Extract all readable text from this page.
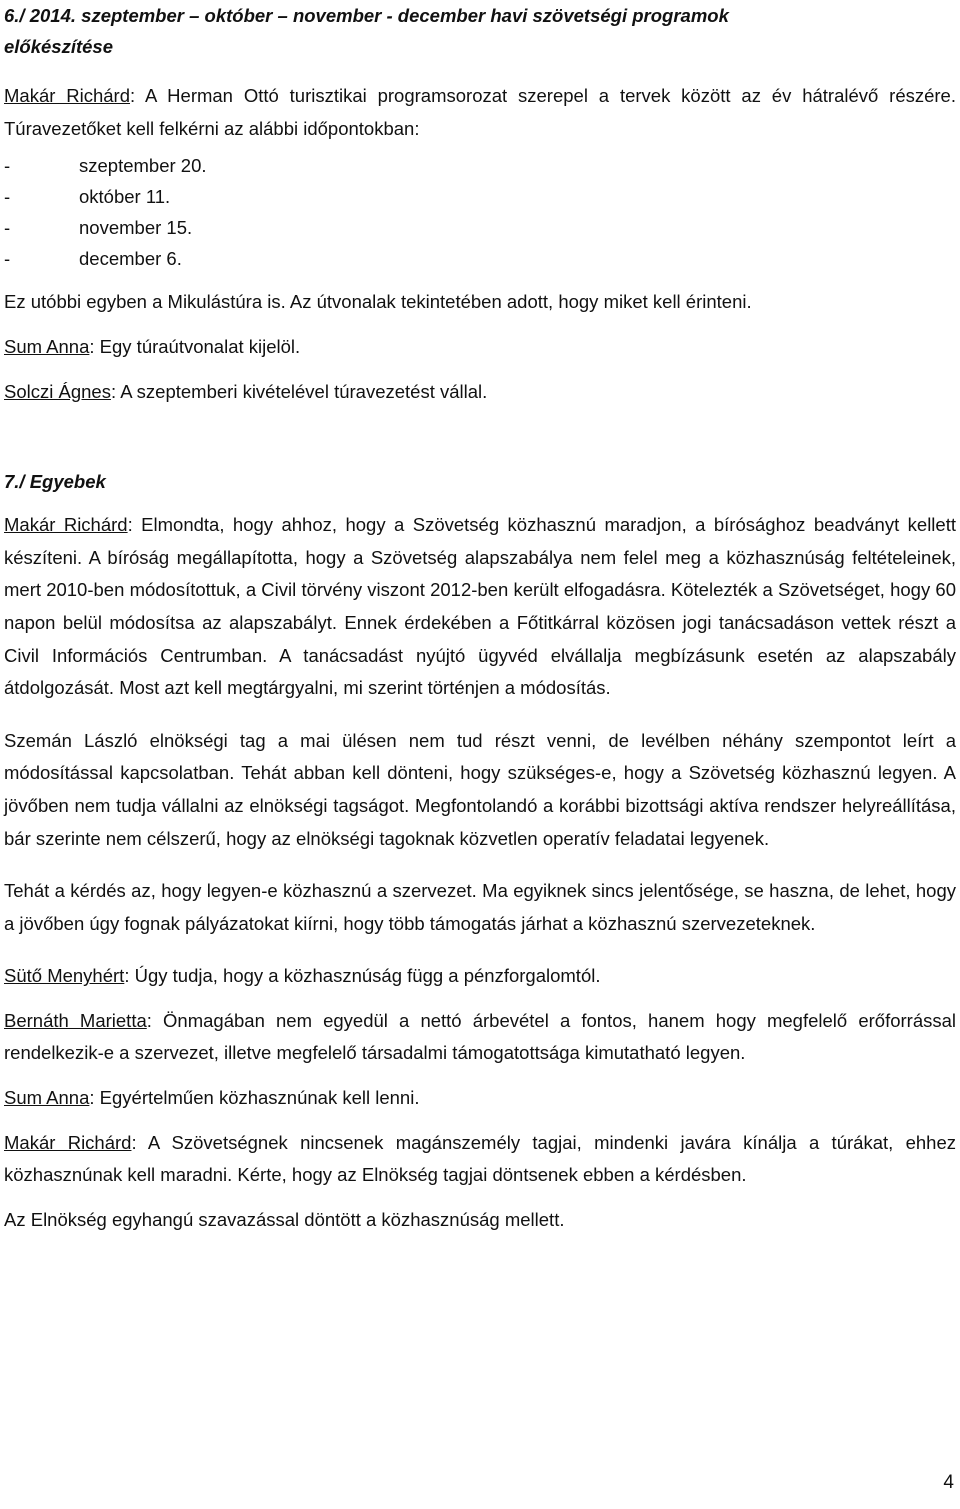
6./ 2014. szeptember – október – november - december havi szövetségi programok
előkészítése

Makár Richárd: A Herman Ottó turisztikai programsorozat szerepel a tervek között az év hátralévő részére. Túravezetőket kell felkérni az alábbi időpontokban:

-	szeptember 20.
-	október 11.
-	november 15.
-	december 6.

Ez utóbbi egyben a Mikulástúra is. Az útvonalak tekintetében adott, hogy miket kell érinteni.

Sum Anna: Egy túraútvonalat kijelöl.

Solczi Ágnes: A szeptemberi kivételével túravezetést vállal.

7./ Egyebek

Makár Richárd: Elmondta, hogy ahhoz, hogy a Szövetség közhasznú maradjon, a bírósághoz beadványt kellett készíteni. A bíróság megállapította, hogy a Szövetség alapszabálya nem felel meg a közhasznúság feltételeinek, mert 2010-ben módosítottuk, a Civil törvény viszont 2012-ben került elfogadásra. Kötelezték a Szövetséget, hogy 60 napon belül módosítsa az alapszabályt. Ennek érdekében a Főtitkárral közösen jogi tanácsadáson vettek részt a Civil Információs Centrumban. A tanácsadást nyújtó ügyvéd elvállalja megbízásunk esetén az alapszabály átdolgozását. Most azt kell megtárgyalni, mi szerint történjen a módosítás.

Szemán László elnökségi tag a mai ülésen nem tud részt venni, de levélben néhány szempontot leírt a módosítással kapcsolatban. Tehát abban kell dönteni, hogy szükséges-e, hogy a Szövetség közhasznú legyen. A jövőben nem tudja vállalni az elnökségi tagságot. Megfontolandó a korábbi bizottsági aktíva rendszer helyreállítása, bár szerinte nem célszerű, hogy az elnökségi tagoknak közvetlen operatív feladatai legyenek.

Tehát a kérdés az, hogy legyen-e közhasznú a szervezet. Ma egyiknek sincs jelentősége, se haszna, de lehet, hogy a jövőben úgy fognak pályázatokat kiírni, hogy több támogatás járhat a közhasznú szervezeteknek.

Sütő Menyhért: Úgy tudja, hogy a közhasznúság függ a pénzforgalomtól.

Bernáth Marietta: Önmagában nem egyedül a nettó árbevétel a fontos, hanem hogy megfelelő erőforrással rendelkezik-e a szervezet, illetve megfelelő társadalmi támogatottsága kimutatható legyen.

Sum Anna: Egyértelműen közhasznúnak kell lenni.

Makár Richárd: A Szövetségnek nincsenek magánszemély tagjai, mindenki javára kínálja a túrákat, ehhez közhasznúnak kell maradni. Kérte, hogy az Elnökség tagjai döntsenek ebben a kérdésben.

Az Elnökség egyhangú szavazással döntött a közhasznúság mellett.

4
